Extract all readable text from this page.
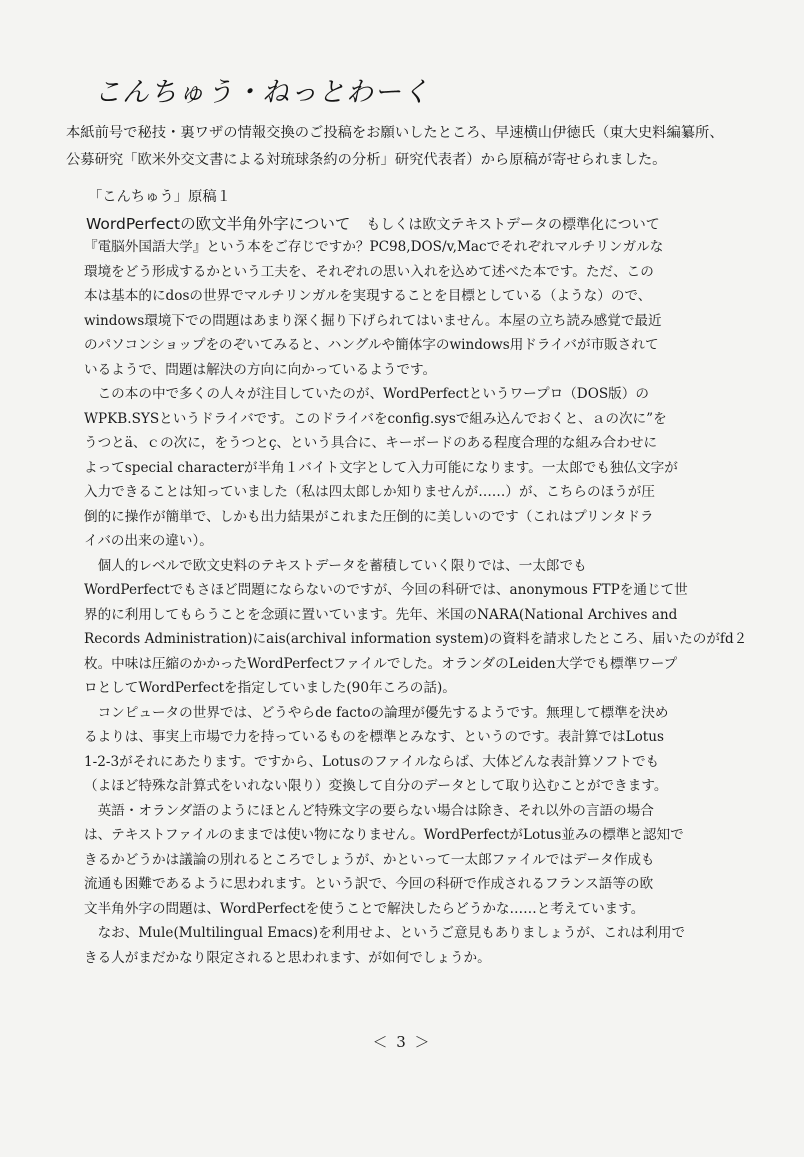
こんちゅう・ねっとわーく
本紙前号で秘技・裏ワザの情報交換のご投稿をお願いしたところ、早速横山伊徳氏（東大史料編纂所、
公募研究「欧米外交文書による対琉球条約の分析」研究代表者）から原稿が寄せられました。
「こんちゅう」原稿１
WordPerfectの欧文半角外字について もしくは欧文テキストデータの標準化について
『電脳外国語大学』という本をご存じですか？PC98,DOS/v,Macでそれぞれマルチリンガルな
環境をどう形成するかという工夫を、それぞれの思い入れを込めて述べた本です。ただ、この
本は基本的にdosの世界でマルチリンガルを実現することを目標としている（ような）ので、
windows環境下での問題はあまり深く掘り下げられてはいません。本屋の立ち読み感覚で最近
のパソコンショップをのぞいてみると、ハングルや簡体字のwindows用ドライバが市販されて
いるようで、問題は解決の方向に向かっているようです。
　この本の中で多くの人々が注目していたのが、WordPerfectというワープロ（DOS版）の
WPKB.SYSというドライバです。このドライバをconfig.sysで組み込んでおくと、ａの次に”を
うつとä、ｃの次に，をうつとç、という具合に、キーボードのある程度合理的な組み合わせに
よってspecial characterが半角１バイト文字として入力可能になります。一太郎でも独仏文字が
入力できることは知っていました（私は四太郎しか知りませんが……）が、こちらのほうが圧
倒的に操作が簡単で、しかも出力結果がこれまた圧倒的に美しいのです（これはプリンタドラ
イバの出来の違い）。
　個人的レベルで欧文史料のテキストデータを蓄積していく限りでは、一太郎でも
WordPerfectでもさほど問題にならないのですが、今回の科研では、anonymous FTPを通じて世
界的に利用してもらうことを念頭に置いています。先年、米国のNARA(National Archives and
Records Administration)にais(archival information system)の資料を請求したところ、届いたのがfd２
枚。中味は圧縮のかかったWordPerfectファイルでした。オランダのLeiden大学でも標準ワープ
ロとしてWordPerfectを指定していました(90年ころの話)。
　コンピュータの世界では、どうやらde factoの論理が優先するようです。無理して標準を決め
るよりは、事実上市場で力を持っているものを標準とみなす、というのです。表計算ではLotus
1-2-3がそれにあたります。ですから、Lotusのファイルならば、大体どんな表計算ソフトでも
（よほど特殊な計算式をいれない限り）変換して自分のデータとして取り込むことができます。
　英語・オランダ語のようにほとんど特殊文字の要らない場合は除き、それ以外の言語の場合
は、テキストファイルのままでは使い物になりません。WordPerfectがLotus並みの標準と認知で
きるかどうかは議論の別れるところでしょうが、かといって一太郎ファイルではデータ作成も
流通も困難であるように思われます。という訳で、今回の科研で作成されるフランス語等の欧
文半角外字の問題は、WordPerfectを使うことで解決したらどうかな……と考えています。
　なお、Mule(Multilingual Emacs)を利用せよ、というご意見もありましょうが、これは利用で
きる人がまだかなり限定されると思われます、が如何でしょうか。
＜ 3 ＞
